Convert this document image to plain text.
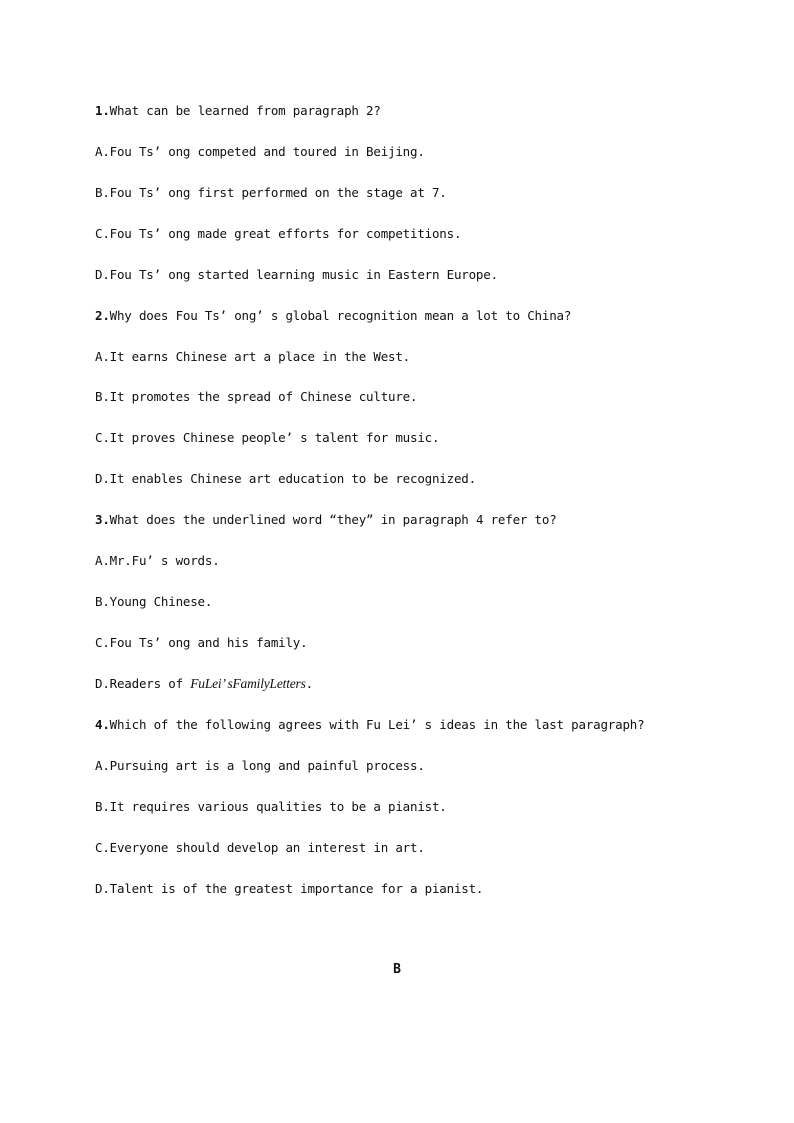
1.What can be learned from paragraph 2?
A.Fou Ts’ ong competed and toured in Beijing.
B.Fou Ts’ ong first performed on the stage at 7.
C.Fou Ts’ ong made great efforts for competitions.
D.Fou Ts’ ong started learning music in Eastern Europe.
2.Why does Fou Ts’ ong’ s global recognition mean a lot to China?
A.It earns Chinese art a place in the West.
B.It promotes the spread of Chinese culture.
C.It proves Chinese people’ s talent for music.
D.It enables Chinese art education to be recognized.
3.What does the underlined word “they” in paragraph 4 refer to?
A.Mr.Fu’ s words.
B.Young Chinese.
C.Fou Ts’ ong and his family.
D.Readers of FuLei’ sFamilyLetters.
4.Which of the following agrees with Fu Lei’ s ideas in the last paragraph?
A.Pursuing art is a long and painful process.
B.It requires various qualities to be a pianist.
C.Everyone should develop an interest in art.
D.Talent is of the greatest importance for a pianist.
B
